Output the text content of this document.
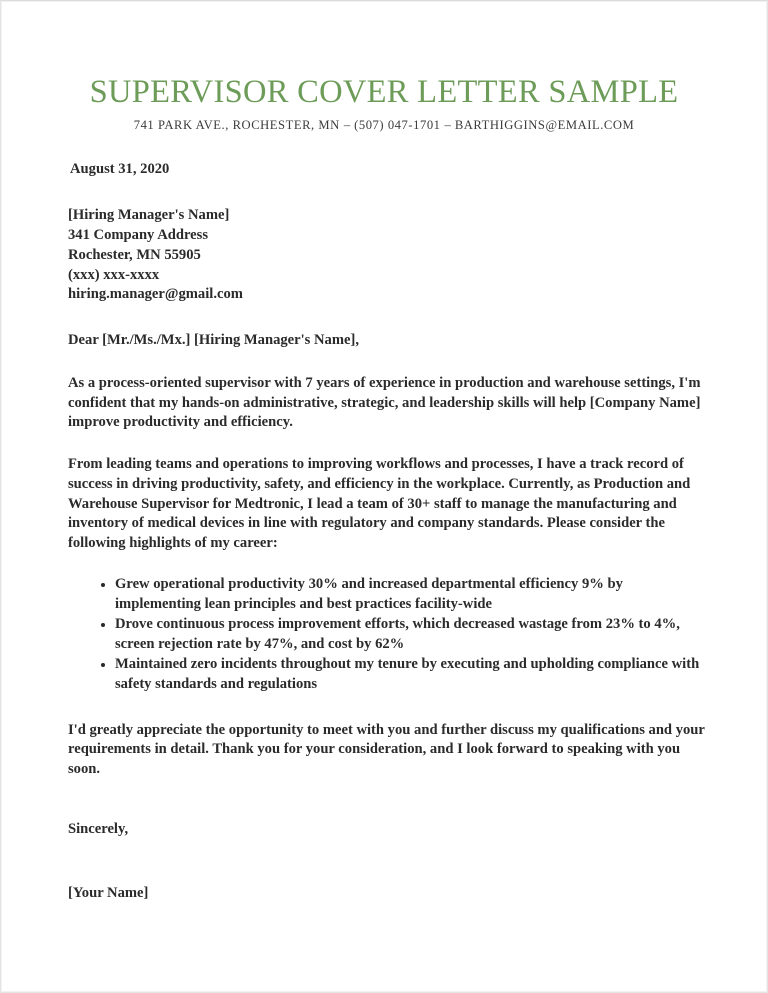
SUPERVISOR COVER LETTER SAMPLE
741 PARK AVE., ROCHESTER, MN – (507) 047-1701 – BARTHIGGINS@EMAIL.COM
August 31, 2020
[Hiring Manager's Name]
341 Company Address
Rochester, MN 55905
(xxx) xxx-xxxx
hiring.manager@gmail.com
Dear [Mr./Ms./Mx.] [Hiring Manager's Name],

As a process-oriented supervisor with 7 years of experience in production and warehouse settings, I'm confident that my hands-on administrative, strategic, and leadership skills will help [Company Name] improve productivity and efficiency.

From leading teams and operations to improving workflows and processes, I have a track record of success in driving productivity, safety, and efficiency in the workplace. Currently, as Production and Warehouse Supervisor for Medtronic, I lead a team of 30+ staff to manage the manufacturing and inventory of medical devices in line with regulatory and company standards. Please consider the following highlights of my career:

Grew operational productivity 30% and increased departmental efficiency 9% by implementing lean principles and best practices facility-wide
Drove continuous process improvement efforts, which decreased wastage from 23% to 4%, screen rejection rate by 47%, and cost by 62%
Maintained zero incidents throughout my tenure by executing and upholding compliance with safety standards and regulations

I'd greatly appreciate the opportunity to meet with you and further discuss my qualifications and your requirements in detail. Thank you for your consideration, and I look forward to speaking with you soon.

Sincerely,
[Your Name]
